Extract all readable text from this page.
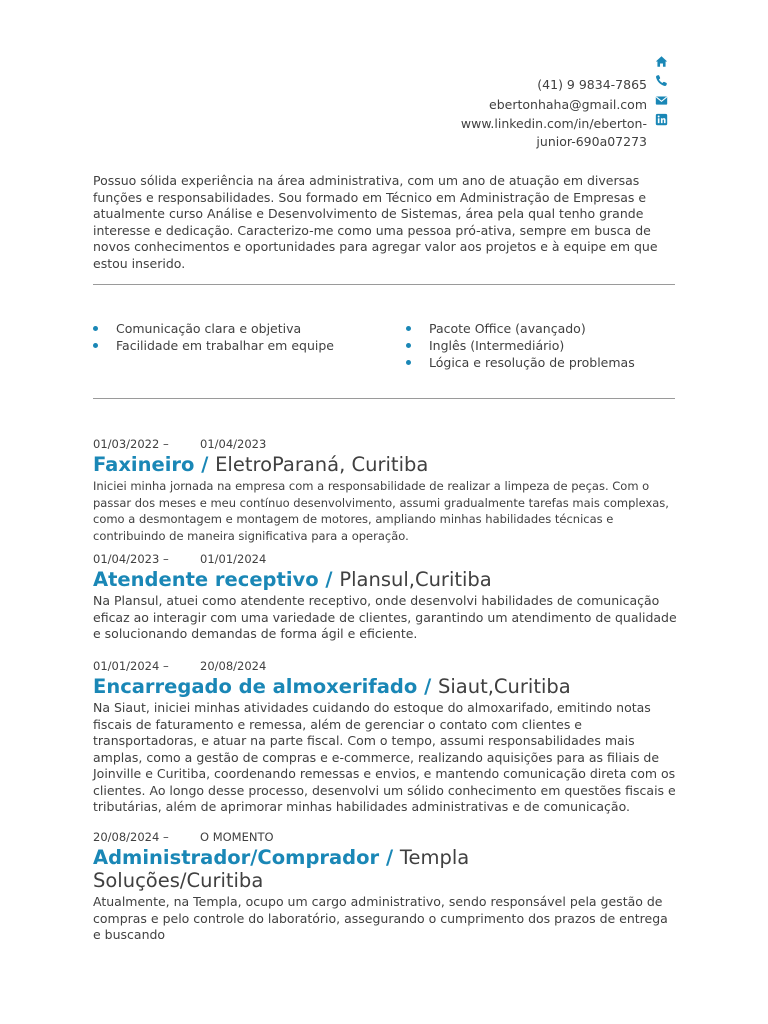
(41) 9 9834-7865
ebertonhaha@gmail.com
www.linkedin.com/in/eberton-
junior-690a07273
Possuo sólida experiência na área administrativa, com um ano de atuação em diversas funções e responsabilidades. Sou formado em Técnico em Administração de Empresas e atualmente curso Análise e Desenvolvimento de Sistemas, área pela qual tenho grande interesse e dedicação. Caracterizo-me como uma pessoa pró-ativa, sempre em busca de novos conhecimentos e oportunidades para agregar valor aos projetos e à equipe em que estou inserido.
Comunicação clara e objetiva
Facilidade em trabalhar em equipe
Pacote Office (avançado)
Inglês (Intermediário)
Lógica e resolução de problemas
01/03/2022 –	01/04/2023
Faxineiro / EletroParaná, Curitiba
Iniciei minha jornada na empresa com a responsabilidade de realizar a limpeza de peças. Com o passar dos meses e meu contínuo desenvolvimento, assumi gradualmente tarefas mais complexas, como a desmontagem e montagem de motores, ampliando minhas habilidades técnicas e contribuindo de maneira significativa para a operação.
01/04/2023 –	01/01/2024
Atendente receptivo / Plansul,Curitiba
Na Plansul, atuei como atendente receptivo, onde desenvolvi habilidades de comunicação eficaz ao interagir com uma variedade de clientes, garantindo um atendimento de qualidade e solucionando demandas de forma ágil e eficiente.
01/01/2024 –	20/08/2024
Encarregado de almoxerifado / Siaut,Curitiba
Na Siaut, iniciei minhas atividades cuidando do estoque do almoxarifado, emitindo notas fiscais de faturamento e remessa, além de gerenciar o contato com clientes e transportadoras, e atuar na parte fiscal. Com o tempo, assumi responsabilidades mais amplas, como a gestão de compras e e-commerce, realizando aquisições para as filiais de Joinville e Curitiba, coordenando remessas e envios, e mantendo comunicação direta com os clientes. Ao longo desse processo, desenvolvi um sólido conhecimento em questões fiscais e tributárias, além de aprimorar minhas habilidades administrativas e de comunicação.
20/08/2024 –	O MOMENTO
Administrador/Comprador / Templa Soluções/Curitiba
Atualmente, na Templa, ocupo um cargo administrativo, sendo responsável pela gestão de compras e pelo controle do laboratório, assegurando o cumprimento dos prazos de entrega e buscando
